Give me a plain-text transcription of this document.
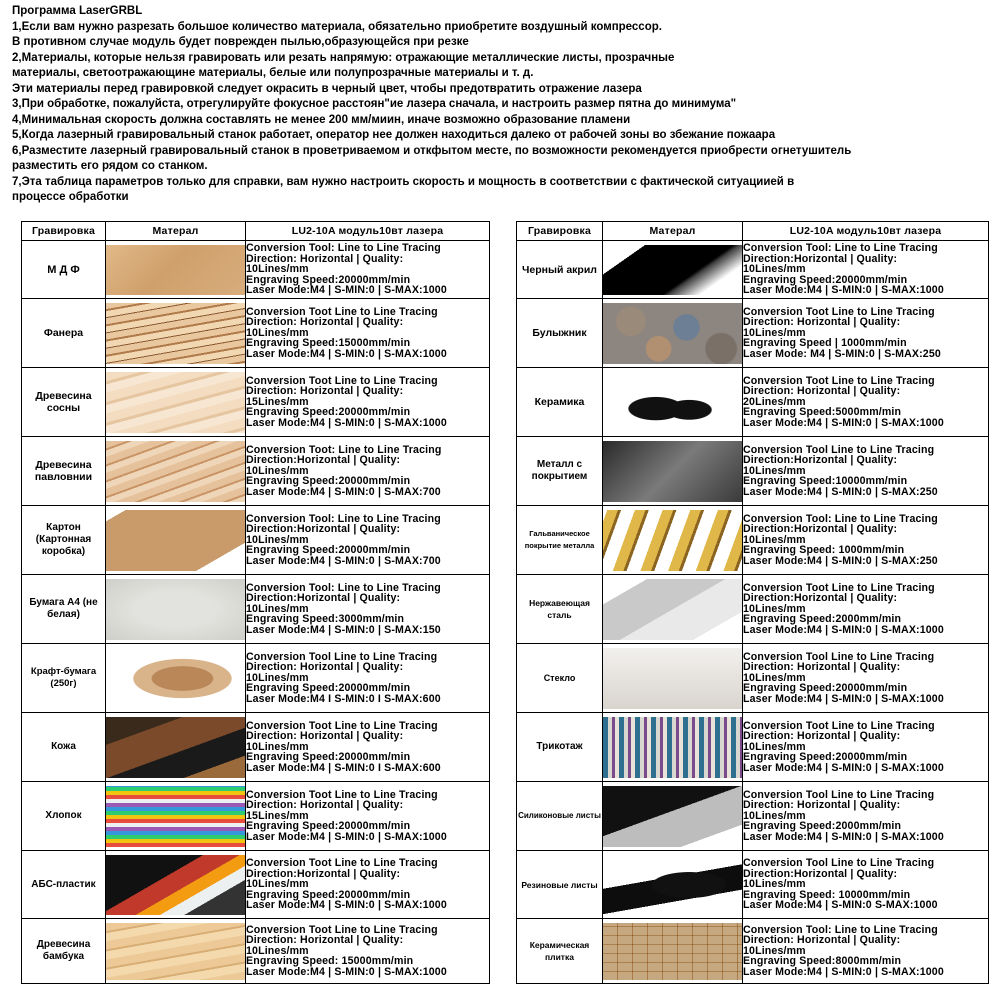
Программа LaserGRBL
1,Если вам нужно разрезать большое количество материала, обязательно приобретите воздушный компрессор.
В противном случае модуль будет поврежден пылью,образующейся при резке
2,Материалы, которые нельзя гравировать или резать напрямую: отражающие металлические листы, прозрачные
материалы, светоотражающине материалы, белые или полупрозрачные материалы и т. д.
Эти материалы перед гравировкой следует окрасить в черный цвет, чтобы предотвратить отражение лазера
3,При обработке, пожалуйста, отрегулируйте фокусное расстоян"ие лазера сначала, и настроить размер пятна до минимума"
4,Минимальная скорость должна составлять не менее 200 мм/миин, иначе возможно образование пламени
5,Когда лазерный гравировальный станок работает, оператор нее должен находиться далеко от рабочей зоны во збежание пожаара
6,Разместите лазерный гравировальный станок в проветриваемом и откфытом месте, по возможности рекомендуется приобрести огнетушитель
разместить его рядом со станком.
7,Эта таблица параметров только для справки, вам нужно настроить скорость и мощность в соответствии с фактической ситуациией в
процессе обработки
Гравировка	Матерал	LU2-10A модуль10вт лазера
М Д Ф		Conversion Tool: Line to Line Tracing
Direction: Horizontal | Quality:
10Lines/mm
Engraving Speed:20000mm/min
Laser Mode:M4 | S-MIN:0 | S-MAX:1000

Фанера		Conversion Toot Line to Line Tracing
Direction: Horizontal | Quality:
10Lines/mm
Engraving Speed:15000mm/min
Laser Mode:M4 | S-MIN:0 | S-MAX:1000

Древесина сосны		Conversion Toot Line to Line Tracing
Direction: Horizontal | Quality:
15Lines/mm
Engraving Speed:20000mm/min
Laser Mode:M4 | S-MIN:0 | S-MAX:1000

Древесина павловнии		Conversion Toot: Line to Line Tracing
Direction:Horizontal | Quality:
10Lines/mm
Engraving Speed:20000mm/min
Laser Mode:M4 | S-MIN:0 | S-MAX:700

Картон (Картонная коробка)		Conversion Tool: Line to Line Tracing
Direction:Horizontal | Quality:
10Lines/mm
Engraving Speed:20000mm/min
Laser Mode:M4 | S-MIN:0 | S-MAX:700

Бумага А4 (не белая)		Conversion Tool: Line to Line Tracing
Direction:Horizontal | Quality:
10Lines/mm
Engraving Speed:3000mm/min
Laser Mode:M4 | S-MIN:0 | S-MAX:150

Крафт-бумага (250г)		Conversion Tool Line to Line Tracing
Direction: Horizontal | Quality:
10Lines/mm
Engraving Speed:20000mm/min
Laser Mode:M4 I S-MIN:0 I S-MAX:600

Кожа		Conversion Toot Line to Line Tracing
Direction: Horizontal | Quality:
10Lines/mm
Engraving Speed:20000mm/min
Laser Mode:M4 | S-MIN:0 I S-MAX:600

Хлопок		Conversion Toot Line to Line Tracing
Direction: Horizontal | Quality:
15Lines/mm
Engraving Speed:20000mm/min
Laser Mode:M4 | S-MIN:0 | S-MAX:1000

АБС-пластик		Conversion Toot Line to Line Tracing
Direction:Horizontal | Quality:
10Lines/mm
Engraving Speed:20000mm/min
Laser Mode:M4 | S-MIN:0 | S-MAX:1000

Древесина бамбука		Conversion Toot Line to Line Tracing
Direction: Horizontal | Quality:
10Lines/mm
Engraving Speed: 15000mm/min
Laser Mode:M4 | S-MIN:0 | S-MAX:1000
Гравировка	Матерал	LU2-10A модуль10вт лазера
Черный акрил		Conversion Tool: Line to Line Tracing
Direction:Horizontal | Quality:
10Lines/mm
Engraving Speed:20000mm/min
Laser Mode:M4 | S-MIN:0 | S-MAX:1000

Булыжник		Conversion Toot Line to Line Tracing
Direction: Horizontal | Quality:
10Lines/mm
Engraving Speed | 1000mm/min
Laser Mode: M4 | S-MIN:0 | S-MAX:250

Керамика		Conversion Toot Line to Line Tracing
Direction: Horizontal | Quality:
20Lines/mm
Engraving Speed:5000mm/min
Laser Mode:M4 | S-MIN:0 | S-MAX:1000

Металл с покрытием		Conversion Tool Line to Line Tracing
Direction:Horizontal | Quality:
10Lines/mm
Engraving Speed:10000mm/min
Laser Mode:M4 | S-MIN:0 | S-MAX:250

Гальваническое покрытие металла		Conversion Tool: Line to Line Tracing
Direction:Horizontal | Quality:
10Lines/mm
Engraving Speed: 1000mm/min
Laser Mode:M4 | S-MIN:0 | S-MAX:250

Нержавеющая сталь		Conversion Toot Line to Line Tracing
Direction:Horizontal | Quality:
10Lines/mm
Engraving Speed:2000mm/min
Laser Mode:M4 | S-MIN:0 | S-MAX:1000

Стекло		Conversion Tool Line to Line Tracing
Direction: Horizontal | Quality:
10Lines/mm
Engraving Speed:20000mm/min
Laser Mode:M4 | S-MIN:0 | S-MAX:1000

Трикотаж		Conversion Toot Line to Line Tracing
Direction: Horizontal | Quality:
10Lines/mm
Engraving Speed:20000mm/min
Laser Mode:M4 | S-MIN:0 | S-MAX:1000

Силиконовые листы		Conversion Tool Line to Line Tracing
Direction: Horizontal | Quality:
10Lines/mm
Engraving Speed:2000mm/min
Laser Mode:M4 | S-MIN:0 | S-MAX:1000

Резиновые листы		Conversion Tool Line to Line Tracing
Direction:Horizontal | Quality:
10Lines/mm
Engraving Speed: 10000mm/min
Laser Mode:M4 | S-MIN:0 S-MAX:1000

Керамическая плитка		Conversion Tool: Line to Line Tracing
Direction: Horizontal | Quality:
10Lines/mm
Engraving Speed:8000mm/min
Laser Mode:M4 | S-MIN:0 | S-MAX:1000
